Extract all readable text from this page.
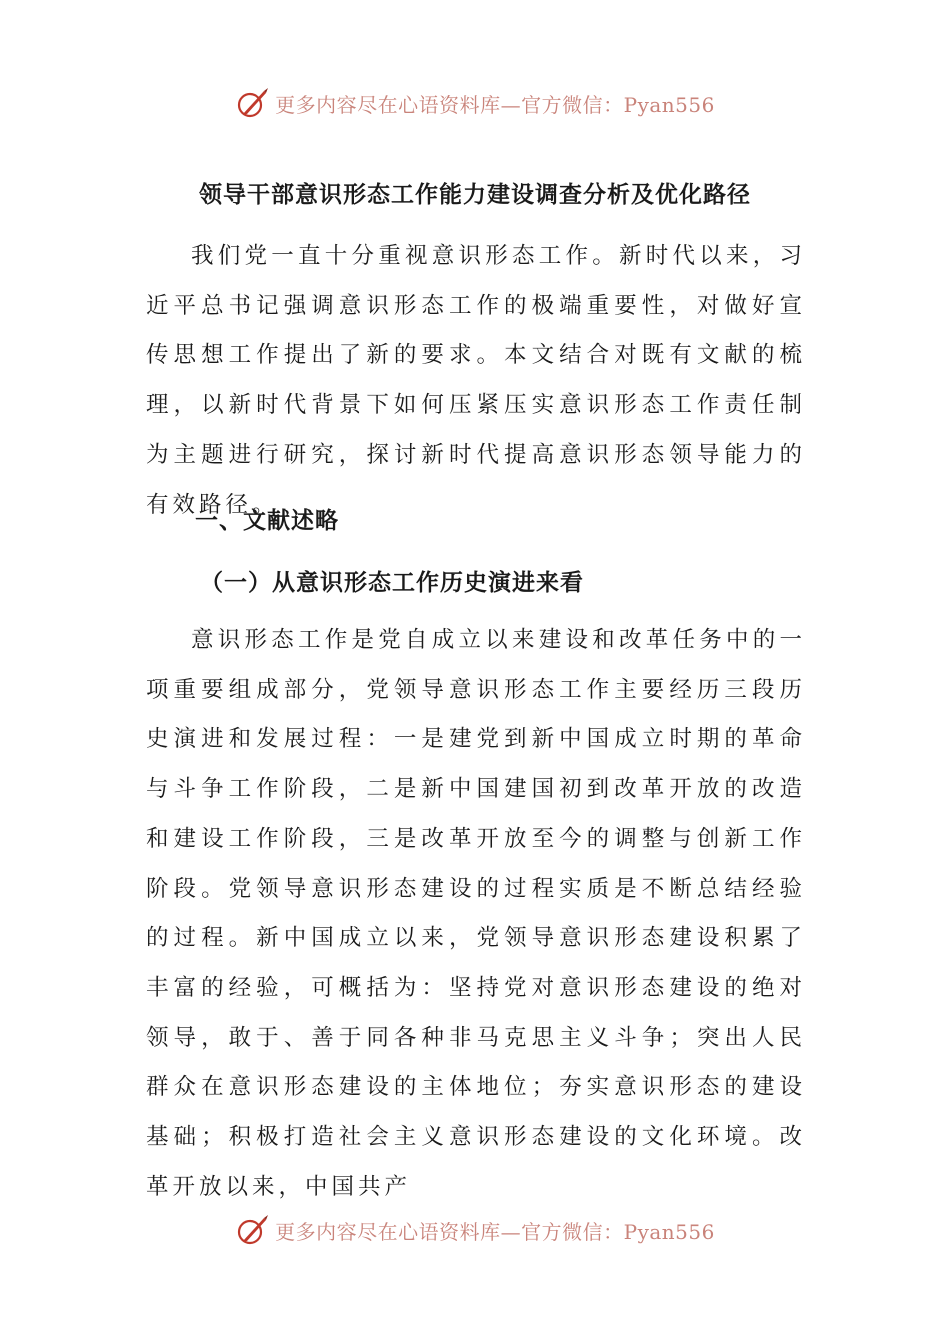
更多内容尽在心语资料库—官方微信：Pyan556
领导干部意识形态工作能力建设调查分析及优化路径

我们党一直十分重视意识形态工作。新时代以来，习近平总书记强调意识形态工作的极端重要性，对做好宣传思想工作提出了新的要求。本文结合对既有文献的梳理，以新时代背景下如何压紧压实意识形态工作责任制为主题进行研究，探讨新时代提高意识形态领导能力的有效路径。

一、文献述略
（一）从意识形态工作历史演进来看

意识形态工作是党自成立以来建设和改革任务中的一项重要组成部分，党领导意识形态工作主要经历三段历史演进和发展过程：一是建党到新中国成立时期的革命与斗争工作阶段，二是新中国建国初到改革开放的改造和建设工作阶段，三是改革开放至今的调整与创新工作阶段。党领导意识形态建设的过程实质是不断总结经验的过程。新中国成立以来，党领导意识形态建设积累了丰富的经验，可概括为：坚持党对意识形态建设的绝对领导，敢于、善于同各种非马克思主义斗争；突出人民群众在意识形态建设的主体地位；夯实意识形态的建设基础；积极打造社会主义意识形态建设的文化环境。改革开放以来，中国共产

更多内容尽在心语资料库—官方微信：Pyan556
